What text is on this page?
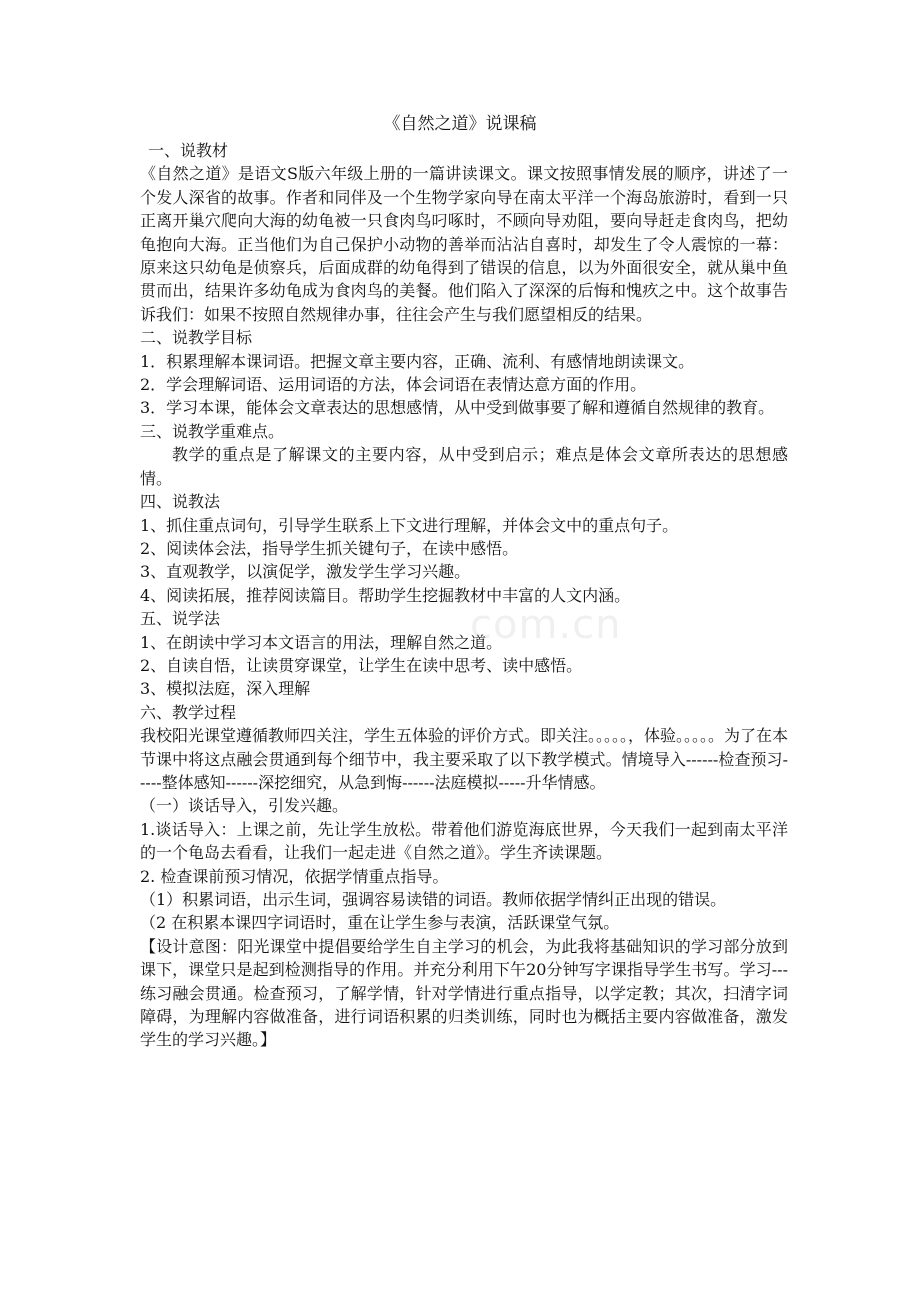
《自然之道》说课稿

一、说教材

《自然之道》是语文S版六年级上册的一篇讲读课文。课文按照事情发展的顺序，讲述了一个发人深省的故事。作者和同伴及一个生物学家向导在南太平洋一个海岛旅游时，看到一只正离开巢穴爬向大海的幼龟被一只食肉鸟叼啄时，不顾向导劝阻，要向导赶走食肉鸟，把幼龟抱向大海。正当他们为自己保护小动物的善举而沾沾自喜时，却发生了令人震惊的一幕：原来这只幼龟是侦察兵，后面成群的幼龟得到了错误的信息，以为外面很安全，就从巢中鱼贯而出，结果许多幼龟成为食肉鸟的美餐。他们陷入了深深的后悔和愧疚之中。这个故事告诉我们：如果不按照自然规律办事，往往会产生与我们愿望相反的结果。

二、说教学目标

1．积累理解本课词语。把握文章主要内容，正确、流利、有感情地朗读课文。

2．学会理解词语、运用词语的方法，体会词语在表情达意方面的作用。

3．学习本课，能体会文章表达的思想感情，从中受到做事要了解和遵循自然规律的教育。

三、说教学重难点。

教学的重点是了解课文的主要内容，从中受到启示；难点是体会文章所表达的思想感情。

四、说教法

1、抓住重点词句，引导学生联系上下文进行理解，并体会文中的重点句子。

2、阅读体会法，指导学生抓关键句子，在读中感悟。

3、直观教学，以演促学，激发学生学习兴趣。

4、阅读拓展，推荐阅读篇目。帮助学生挖掘教材中丰富的人文内涵。

五、说学法

1、在朗读中学习本文语言的用法，理解自然之道。

2、自读自悟，让读贯穿课堂，让学生在读中思考、读中感悟。

3、模拟法庭，深入理解

六、教学过程

我校阳光课堂遵循教师四关注，学生五体验的评价方式。即关注。。。。。，体验。。。。。为了在本节课中将这点融会贯通到每个细节中，我主要采取了以下教学模式。情境导入------检查预习-----整体感知------深挖细究，从急到悔------法庭模拟-----升华情感。

（一）谈话导入，引发兴趣。

1.谈话导入：上课之前，先让学生放松。带着他们游览海底世界，今天我们一起到南太平洋的一个龟岛去看看，让我们一起走进《自然之道》。学生齐读课题。

2. 检查课前预习情况，依据学情重点指导。

（1）积累词语，出示生词，强调容易读错的词语。教师依据学情纠正出现的错误。

（2 在积累本课四字词语时，重在让学生参与表演，活跃课堂气氛。

【设计意图：阳光课堂中提倡要给学生自主学习的机会，为此我将基础知识的学习部分放到课下，课堂只是起到检测指导的作用。并充分利用下午20分钟写字课指导学生书写。学习---练习融会贯通。检查预习，了解学情，针对学情进行重点指导，以学定教；其次，扫清字词障碍，为理解内容做准备，进行词语积累的归类训练，同时也为概括主要内容做准备，激发学生的学习兴趣。】

com.cn
